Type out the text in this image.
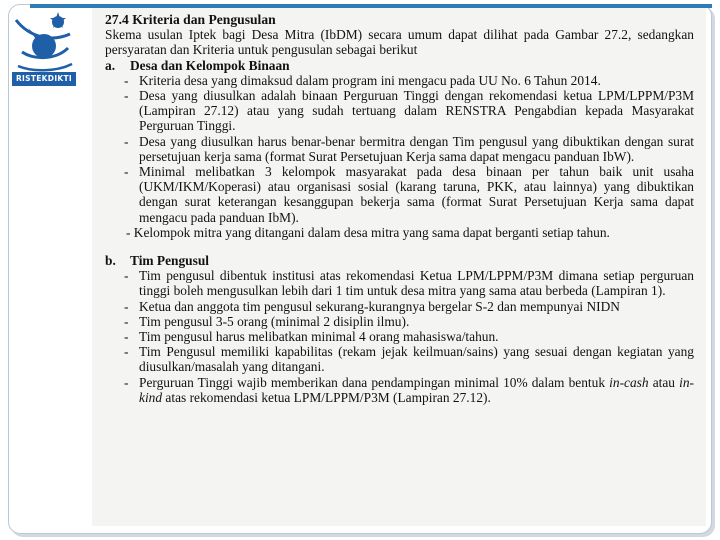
RISTEKDIKTI
27.4 Kriteria dan Pengusulan
Skema usulan Iptek bagi Desa Mitra (IbDM) secara umum dapat dilihat pada Gambar 27.2, sedangkan persyaratan dan Kriteria untuk pengusulan sebagai berikut
a. Desa dan Kelompok Binaan
- Kriteria desa yang dimaksud dalam program ini mengacu pada UU No. 6 Tahun 2014.
- Desa yang diusulkan adalah binaan Perguruan Tinggi dengan rekomendasi ketua LPM/LPPM/P3M (Lampiran 27.12) atau yang sudah tertuang dalam RENSTRA Pengabdian kepada Masyarakat Perguruan Tinggi.
- Desa yang diusulkan harus benar-benar bermitra dengan Tim pengusul yang dibuktikan dengan surat persetujuan kerja sama (format Surat Persetujuan Kerja sama dapat mengacu panduan IbW).
- Minimal melibatkan 3 kelompok masyarakat pada desa binaan per tahun baik unit usaha (UKM/IKM/Koperasi) atau organisasi sosial (karang taruna, PKK, atau lainnya) yang dibuktikan dengan surat keterangan kesanggupan bekerja sama (format Surat Persetujuan Kerja sama dapat mengacu pada panduan IbM).
- Kelompok mitra yang ditangani dalam desa mitra yang sama dapat berganti setiap tahun.
b. Tim Pengusul
- Tim pengusul dibentuk institusi atas rekomendasi Ketua LPM/LPPM/P3M dimana setiap perguruan tinggi boleh mengusulkan lebih dari 1 tim untuk desa mitra yang sama atau berbeda (Lampiran 1).
- Ketua dan anggota tim pengusul sekurang-kurangnya bergelar S-2 dan mempunyai NIDN
- Tim pengusul 3-5 orang (minimal 2 disiplin ilmu).
- Tim pengusul harus melibatkan minimal 4 orang mahasiswa/tahun.
- Tim Pengusul memiliki kapabilitas (rekam jejak keilmuan/sains) yang sesuai dengan kegiatan yang diusulkan/masalah yang ditangani.
- Perguruan Tinggi wajib memberikan dana pendampingan minimal 10% dalam bentuk in-cash atau in-kind atas rekomendasi ketua LPM/LPPM/P3M (Lampiran 27.12).
